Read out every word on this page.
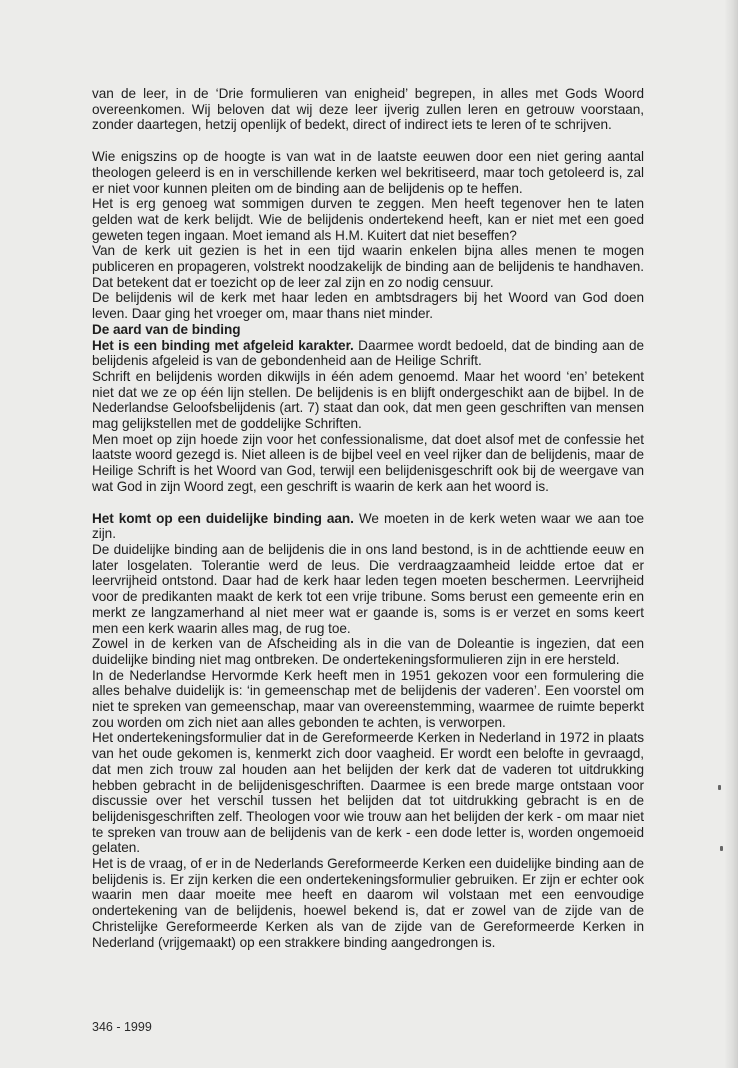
van de leer, in de ‘Drie formulieren van enigheid’ begrepen, in alles met Gods Woord overeenkomen. Wij beloven dat wij deze leer ijverig zullen leren en getrouw voorstaan, zonder daartegen, hetzij openlijk of bedekt, direct of indirect iets te leren of te schrijven.

Wie enigszins op de hoogte is van wat in de laatste eeuwen door een niet gering aantal theologen geleerd is en in verschillende kerken wel bekritiseerd, maar toch getoleerd is, zal er niet voor kunnen pleiten om de binding aan de belijdenis op te heffen.

Het is erg genoeg wat sommigen durven te zeggen. Men heeft tegenover hen te laten gelden wat de kerk belijdt. Wie de belijdenis ondertekend heeft, kan er niet met een goed geweten tegen ingaan. Moet iemand als H.M. Kuitert dat niet beseffen?

Van de kerk uit gezien is het in een tijd waarin enkelen bijna alles menen te mogen publiceren en propageren, volstrekt noodzakelijk de binding aan de belijdenis te handhaven. Dat betekent dat er toezicht op de leer zal zijn en zo nodig censuur.

De belijdenis wil de kerk met haar leden en ambtsdragers bij het Woord van God doen leven. Daar ging het vroeger om, maar thans niet minder.

De aard van de binding

Het is een binding met afgeleid karakter. Daarmee wordt bedoeld, dat de binding aan de belijdenis afgeleid is van de gebondenheid aan de Heilige Schrift.

Schrift en belijdenis worden dikwijls in één adem genoemd. Maar het woord ‘en’ betekent niet dat we ze op één lijn stellen. De belijdenis is en blijft ondergeschikt aan de bijbel. In de Nederlandse Geloofsbelijdenis (art. 7) staat dan ook, dat men geen geschriften van mensen mag gelijkstellen met de goddelijke Schriften.

Men moet op zijn hoede zijn voor het confessionalisme, dat doet alsof met de confessie het laatste woord gezegd is. Niet alleen is de bijbel veel en veel rijker dan de belijdenis, maar de Heilige Schrift is het Woord van God, terwijl een belijdenisgeschrift ook bij de weergave van wat God in zijn Woord zegt, een geschrift is waarin de kerk aan het woord is.

Het komt op een duidelijke binding aan. We moeten in de kerk weten waar we aan toe zijn.

De duidelijke binding aan de belijdenis die in ons land bestond, is in de achttiende eeuw en later losgelaten. Tolerantie werd de leus. Die verdraagzaamheid leidde ertoe dat er leervrijheid ontstond. Daar had de kerk haar leden tegen moeten beschermen. Leervrijheid voor de predikanten maakt de kerk tot een vrije tribune. Soms berust een gemeente erin en merkt ze langzamerhand al niet meer wat er gaande is, soms is er verzet en soms keert men een kerk waarin alles mag, de rug toe.

Zowel in de kerken van de Afscheiding als in die van de Doleantie is ingezien, dat een duidelijke binding niet mag ontbreken. De ondertekeningsformulieren zijn in ere hersteld.

In de Nederlandse Hervormde Kerk heeft men in 1951 gekozen voor een formulering die alles behalve duidelijk is: ‘in gemeenschap met de belijdenis der vaderen’. Een voorstel om niet te spreken van gemeenschap, maar van overeenstemming, waarmee de ruimte beperkt zou worden om zich niet aan alles gebonden te achten, is verworpen.

Het ondertekeningsformulier dat in de Gereformeerde Kerken in Nederland in 1972 in plaats van het oude gekomen is, kenmerkt zich door vaagheid. Er wordt een belofte in gevraagd, dat men zich trouw zal houden aan het belijden der kerk dat de vaderen tot uitdrukking hebben gebracht in de belijdenisgeschriften. Daarmee is een brede marge ontstaan voor discussie over het verschil tussen het belijden dat tot uitdrukking gebracht is en de belijdenisgeschriften zelf. Theologen voor wie trouw aan het belijden der kerk - om maar niet te spreken van trouw aan de belijdenis van de kerk - een dode letter is, worden ongemoeid gelaten.

Het is de vraag, of er in de Nederlands Gereformeerde Kerken een duidelijke binding aan de belijdenis is. Er zijn kerken die een ondertekeningsformulier gebruiken. Er zijn er echter ook waarin men daar moeite mee heeft en daarom wil volstaan met een eenvoudige ondertekening van de belijdenis, hoewel bekend is, dat er zowel van de zijde van de Christelijke Gereformeerde Kerken als van de zijde van de Gereformeerde Kerken in Nederland (vrijgemaakt) op een strakkere binding aangedrongen is.

346 - 1999
